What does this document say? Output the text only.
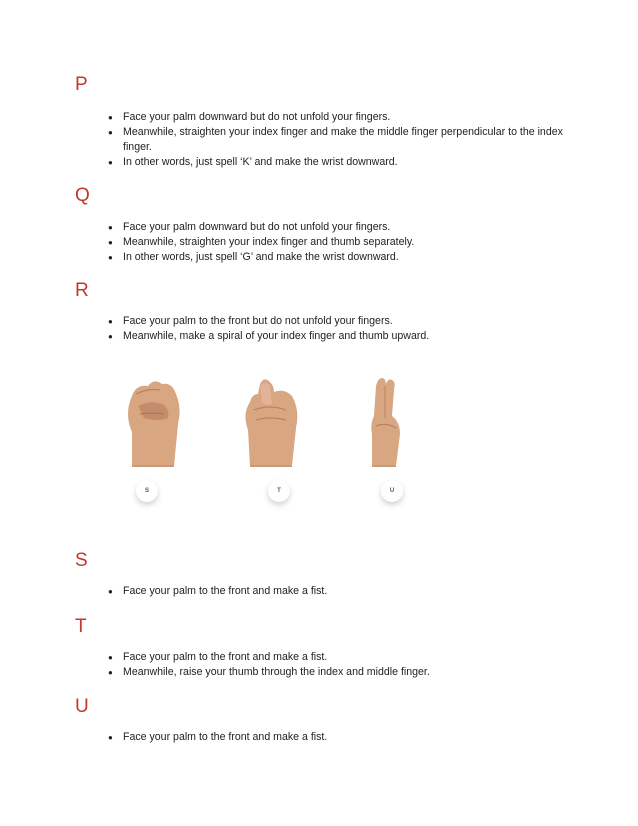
P
● Face your palm downward but do not unfold your fingers.
● Meanwhile, straighten your index finger and make the middle finger perpendicular to the index finger.
● In other words, just spell ‘K’ and make the wrist downward.
Q
● Face your palm downward but do not unfold your fingers.
● Meanwhile, straighten your index finger and thumb separately.
● In other words, just spell ‘G’ and make the wrist downward.
R
● Face your palm to the front but do not unfold your fingers.
● Meanwhile, make a spiral of your index finger and thumb upward.
S	T	U
S
● Face your palm to the front and make a fist.
T
● Face your palm to the front and make a fist.
● Meanwhile, raise your thumb through the index and middle finger.
U
● Face your palm to the front and make a fist.
